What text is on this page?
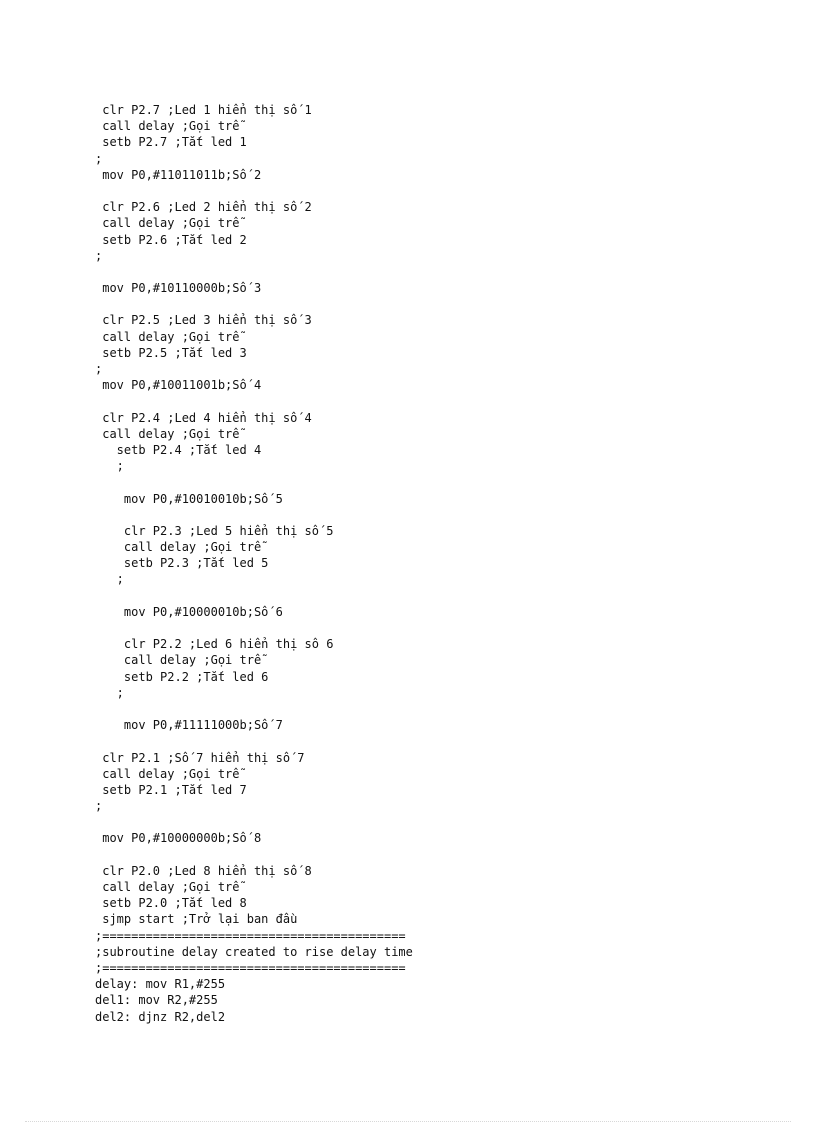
clr P2.7 ;Led 1 hiển thị số 1
call delay ;Gọi trễ
setb P2.7 ;Tắt led 1
;
mov P0,#11011011b;Số 2
clr P2.6 ;Led 2 hiển thị số 2
call delay ;Gọi trễ
setb P2.6 ;Tắt led 2
;
mov P0,#10110000b;Số 3
clr P2.5 ;Led 3 hiển thị số 3
call delay ;Gọi trễ
setb P2.5 ;Tắt led 3
;
mov P0,#10011001b;Số 4
clr P2.4 ;Led 4 hiển thị số 4
call delay ;Gọi trễ
setb P2.4 ;Tắt led 4
;
mov P0,#10010010b;Số 5
clr P2.3 ;Led 5 hiển thị số 5
call delay ;Gọi trễ
setb P2.3 ;Tắt led 5
;
mov P0,#10000010b;Số 6
clr P2.2 ;Led 6 hiển thị sô 6
call delay ;Gọi trễ
setb P2.2 ;Tắt led 6
;
mov P0,#11111000b;Số 7
clr P2.1 ;Số 7 hiển thị số 7
call delay ;Gọi trễ
setb P2.1 ;Tắt led 7
;
mov P0,#10000000b;Số 8
clr P2.0 ;Led 8 hiển thị số 8
call delay ;Gọi trễ
setb P2.0 ;Tắt led 8
sjmp start ;Trở lại ban đầu
;==========================================
;subroutine delay created to rise delay time
;==========================================
delay: mov R1,#255
del1: mov R2,#255
del2: djnz R2,del2
